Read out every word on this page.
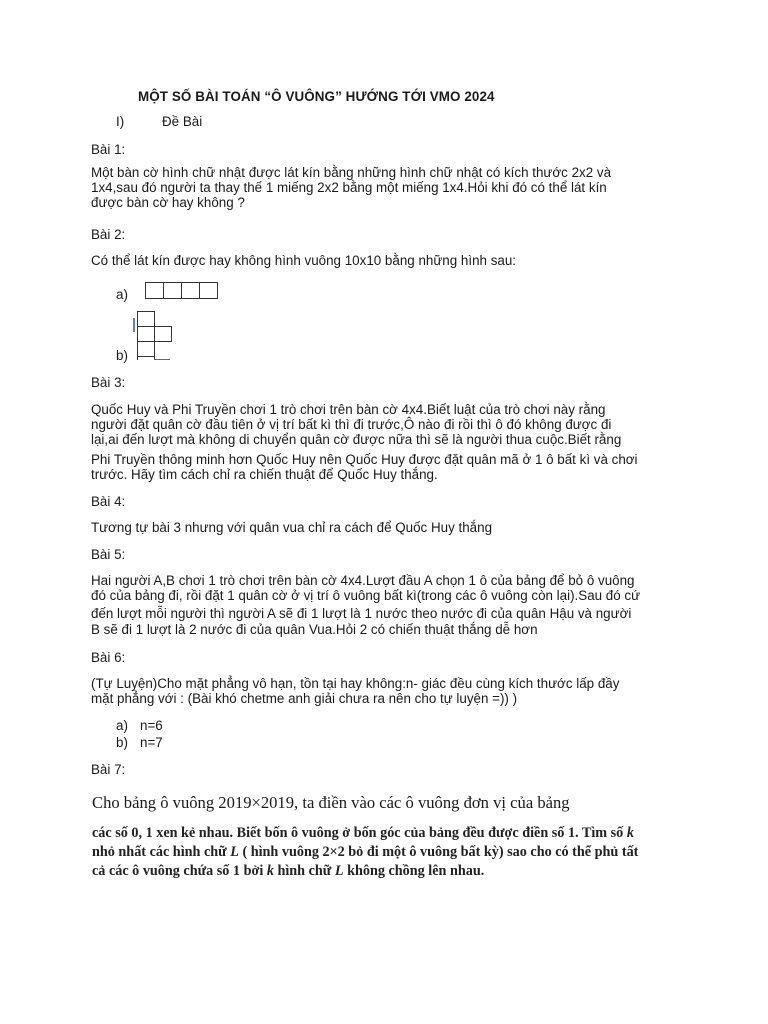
MỘT SỐ BÀI TOÁN “Ô VUÔNG” HƯỚNG TỚI VMO 2024
I)	Đề Bài
Bài 1:
Một bàn cờ hình chữ nhật được lát kín bằng những hình chữ nhật có kích thước 2x2 và
1x4,sau đó người ta thay thế 1 miếng 2x2 bằng một miếng 1x4.Hỏi khi đó có thể lát kín
được bàn cờ hay không ?
Bài 2:
Có thể lát kín được hay không hình vuông 10x10 bằng những hình sau:
a)
b)
Bài 3:
Quốc Huy và Phi Truyền chơi 1 trò chơi trên bàn cờ 4x4.Biết luật của trò chơi này rằng
người đặt quân cờ đầu tiên ở vị trí bất kì thì đi trước,Ô nào đi rồi thì ô đó không được đi
lại,ai đến lượt mà không di chuyển quân cờ được nữa thì sẽ là người thua cuộc.Biết rằng
Phi Truyền thông minh hơn Quốc Huy nên Quốc Huy được đặt quân mã ở 1 ô bất kì và chơi
trước. Hãy tìm cách chỉ ra chiến thuật để Quốc Huy thắng.
Bài 4:
Tương tự bài 3 nhưng với quân vua chỉ ra cách để Quốc Huy thắng
Bài 5:
Hai người A,B chơi 1 trò chơi trên bàn cờ 4x4.Lượt đầu A chọn 1 ô của bảng để bỏ ô vuông
đó của bảng đi, rồi đặt 1 quân cờ ở vị trí ô vuông bất kì(trong các ô vuông còn lại).Sau đó cứ
đến lượt mỗi người thì người A sẽ đi 1 lượt là 1 nước theo nước đi của quân Hậu và người
B sẽ đi 1 lượt là 2 nước đi của quân Vua.Hỏi 2 có chiến thuật thắng dễ hơn
Bài 6:
(Tự Luyện)Cho mặt phẳng vô hạn, tồn tại hay không:n- giác đều cùng kích thước lấp đầy
mặt phẳng với : (Bài khó chetme anh giải chưa ra nên cho tự luyện =)) )
a) n=6
b) n=7
Bài 7:
Cho bảng ô vuông 2019×2019, ta điền vào các ô vuông đơn vị của bảng
các số 0, 1 xen kẻ nhau. Biết bốn ô vuông ở bốn góc của bảng đều được điền số 1. Tìm số k
nhỏ nhất các hình chữ L ( hình vuông 2×2 bỏ đi một ô vuông bất kỳ) sao cho có thể phủ tất
cả các ô vuông chứa số 1 bởi k hình chữ L không chồng lên nhau.
